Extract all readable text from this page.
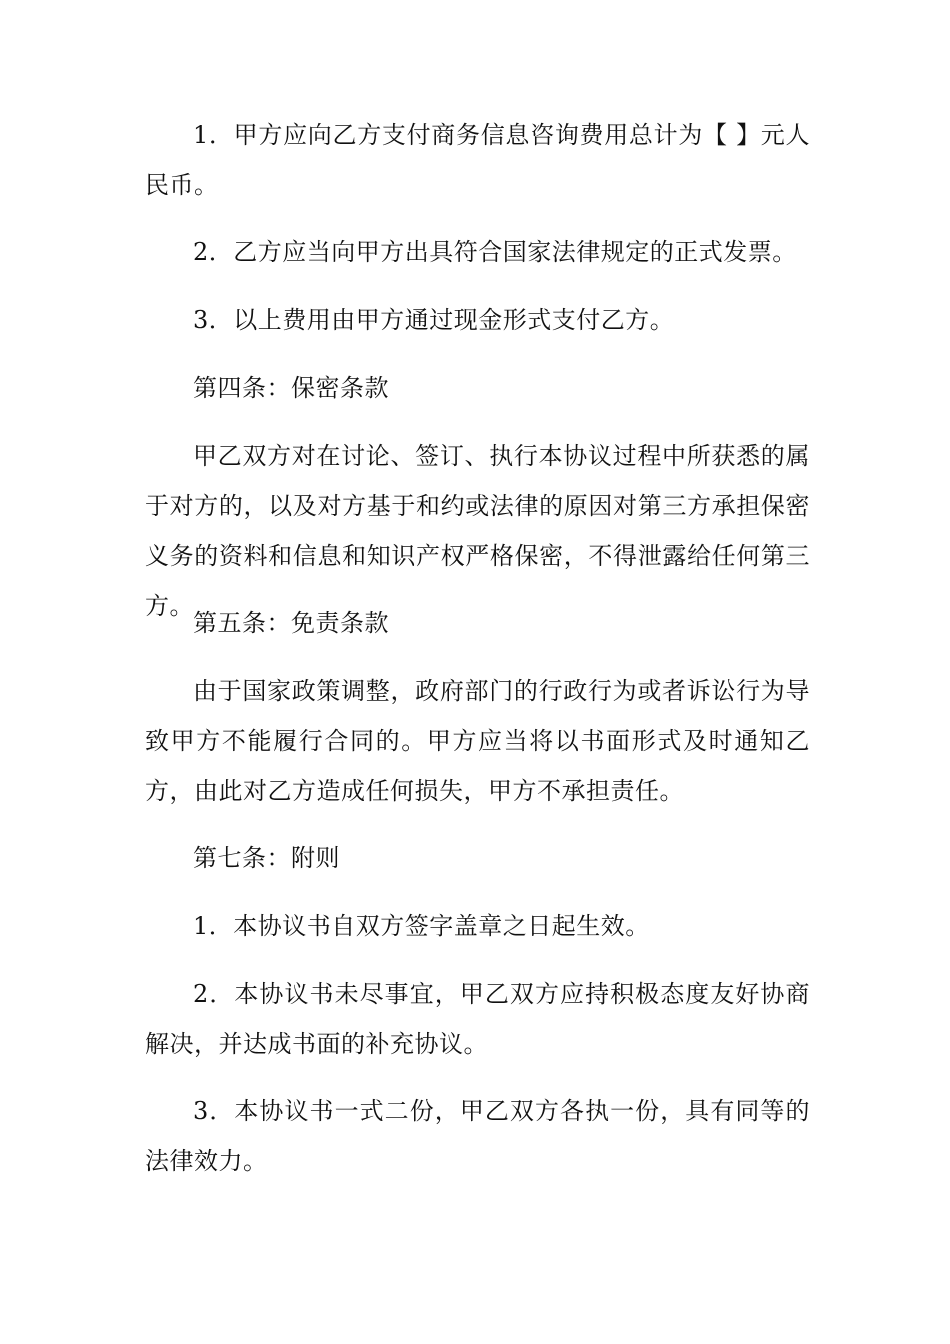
1．甲方应向乙方支付商务信息咨询费用总计为【 】元人民币。

2．乙方应当向甲方出具符合国家法律规定的正式发票。

3．以上费用由甲方通过现金形式支付乙方。

第四条：保密条款

甲乙双方对在讨论、签订、执行本协议过程中所获悉的属于对方的，以及对方基于和约或法律的原因对第三方承担保密义务的资料和信息和知识产权严格保密，不得泄露给任何第三方。

第五条：免责条款

由于国家政策调整，政府部门的行政行为或者诉讼行为导致甲方不能履行合同的。甲方应当将以书面形式及时通知乙方，由此对乙方造成任何损失，甲方不承担责任。

第七条：附则

1．本协议书自双方签字盖章之日起生效。

2．本协议书未尽事宜，甲乙双方应持积极态度友好协商解决，并达成书面的补充协议。

3．本协议书一式二份，甲乙双方各执一份，具有同等的法律效力。
